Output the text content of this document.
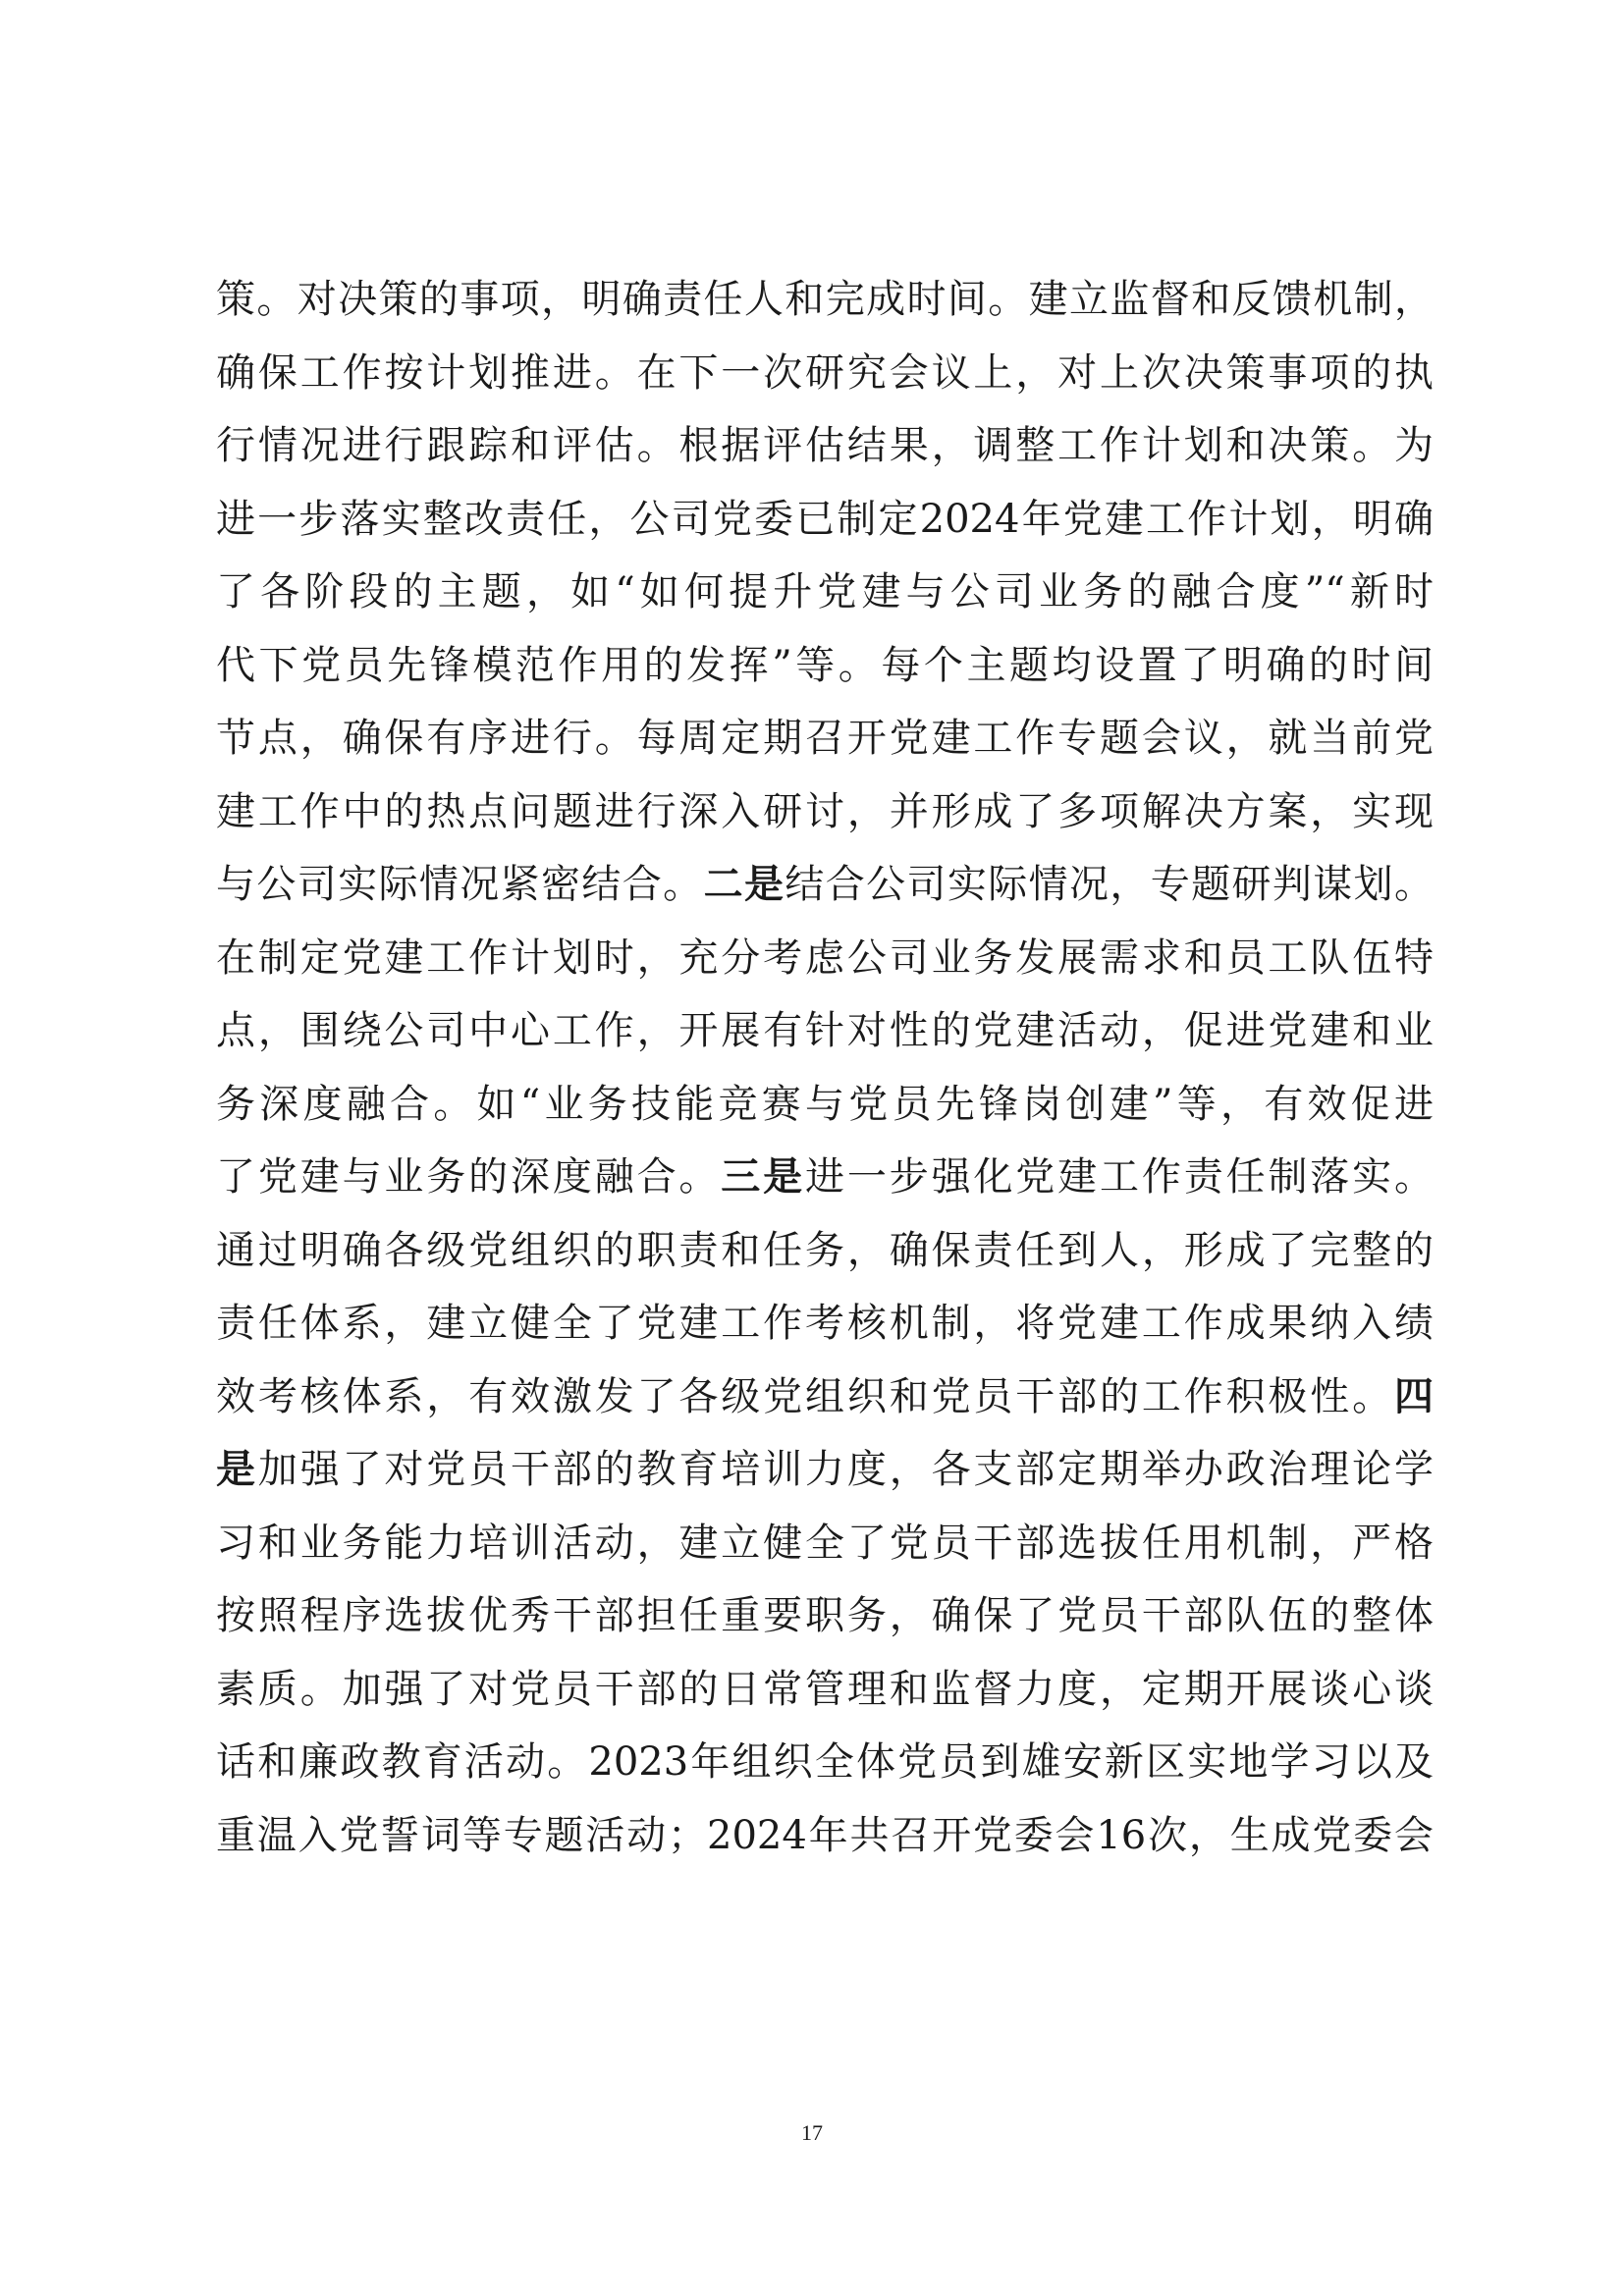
策。对决策的事项，明确责任人和完成时间。建立监督和反馈机制，
确保工作按计划推进。在下一次研究会议上，对上次决策事项的执
行情况进行跟踪和评估。根据评估结果，调整工作计划和决策。为
进一步落实整改责任，公司党委已制定2024年党建工作计划，明确
了各阶段的主题，如“如何提升党建与公司业务的融合度”“新时
代下党员先锋模范作用的发挥”等。每个主题均设置了明确的时间
节点，确保有序进行。每周定期召开党建工作专题会议，就当前党
建工作中的热点问题进行深入研讨，并形成了多项解决方案，实现
与公司实际情况紧密结合。二是结合公司实际情况，专题研判谋划。
在制定党建工作计划时，充分考虑公司业务发展需求和员工队伍特
点，围绕公司中心工作，开展有针对性的党建活动，促进党建和业
务深度融合。如“业务技能竞赛与党员先锋岗创建”等，有效促进
了党建与业务的深度融合。三是进一步强化党建工作责任制落实。
通过明确各级党组织的职责和任务，确保责任到人，形成了完整的
责任体系，建立健全了党建工作考核机制，将党建工作成果纳入绩
效考核体系，有效激发了各级党组织和党员干部的工作积极性。四
是加强了对党员干部的教育培训力度，各支部定期举办政治理论学
习和业务能力培训活动，建立健全了党员干部选拔任用机制，严格
按照程序选拔优秀干部担任重要职务，确保了党员干部队伍的整体
素质。加强了对党员干部的日常管理和监督力度，定期开展谈心谈
话和廉政教育活动。2023年组织全体党员到雄安新区实地学习以及
重温入党誓词等专题活动；2024年共召开党委会16次，生成党委会
17
